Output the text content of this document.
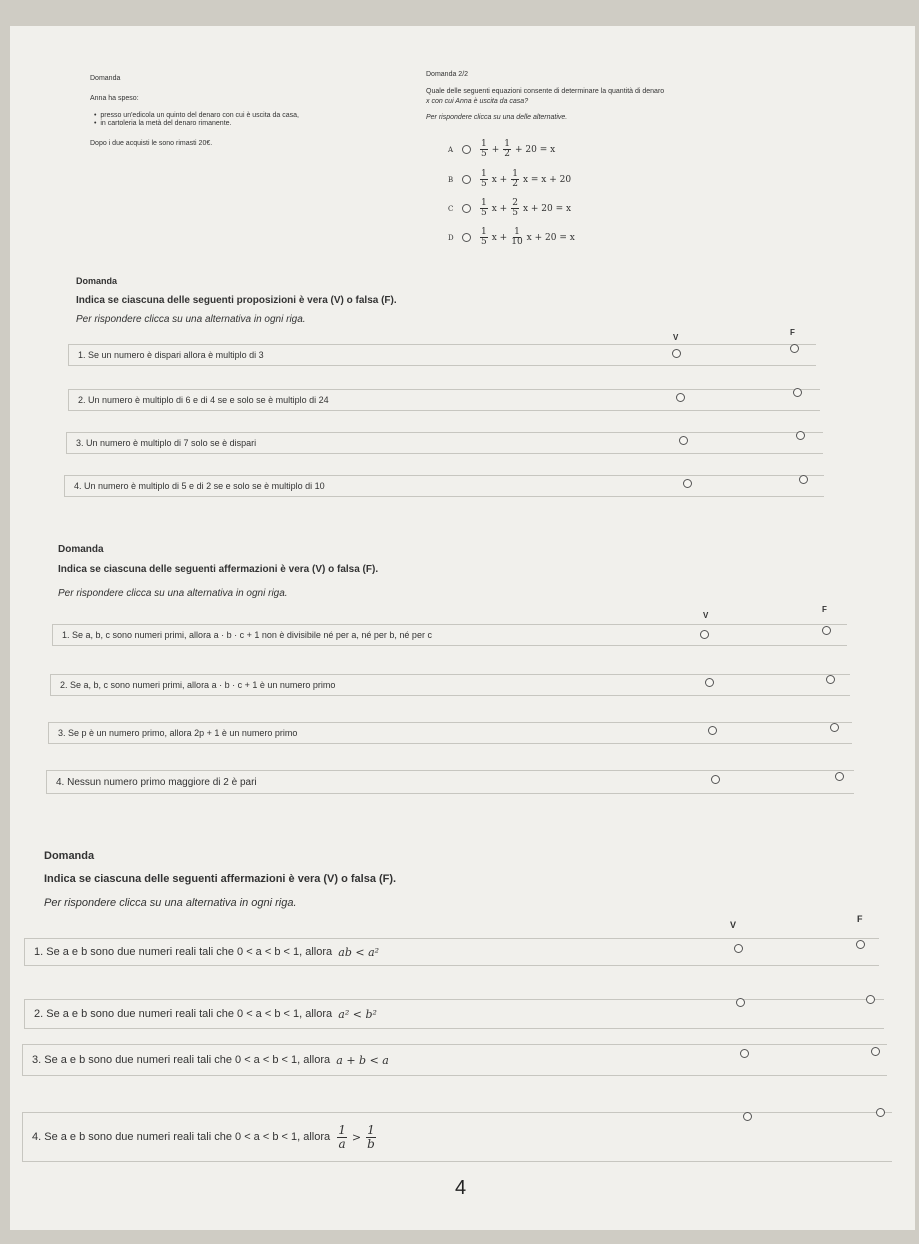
Domanda
Anna ha speso:
•  presso un'edicola un quinto del denaro con cui è uscita da casa,
•  in cartoleria la metà del denaro rimanente.
Dopo i due acquisti le sono rimasti 20€.
Domanda 2/2
Quale delle seguenti equazioni consente di determinare la quantità di denaro
x con cui Anna è uscita da casa?
Per rispondere clicca su una delle alternative.
A	$\frac{1}{5} + \frac{1}{2} + 20 = x$
B	$\frac{1}{5}$ $x + \frac{1}{2}$ x = x + 20
C	$\frac{1}{5}$ $x + \frac{2}{5}$ x + 20 = x
D	$\frac{1}{5}$ $x + \frac{1}{10}$ x + 20 = x
Domanda
Indica se ciascuna delle seguenti proposizioni è vera (V) o falsa (F).
Per rispondere clicca su una alternativa in ogni riga.
V
F
1. Se un numero è dispari allora è multiplo di 3
2. Un numero è multiplo di 6 e di 4 se e solo se è multiplo di 24
3. Un numero è multiplo di 7 solo se è dispari
4. Un numero è multiplo di 5 e di 2 se e solo se è multiplo di 10
Domanda
Indica se ciascuna delle seguenti affermazioni è vera (V) o falsa (F).
Per rispondere clicca su una alternativa in ogni riga.
V
F
1. Se a, b, c sono numeri primi, allora a · b · c + 1 non è divisibile né per a, né per b, né per c
2. Se a, b, c sono numeri primi, allora a · b · c + 1 è un numero primo
3. Se p è un numero primo, allora 2p + 1 è un numero primo
4. Nessun numero primo maggiore di 2 è pari
Domanda
Indica se ciascuna delle seguenti affermazioni è vera (V) o falsa (F).
Per rispondere clicca su una alternativa in ogni riga.
V
F
1.
Se a e b sono due numeri reali tali che 0 < a < b < 1, allora
ab < a²
2.
Se a e b sono due numeri reali tali che 0 < a < b < 1, allora
a² < b²
3.
Se a e b sono due numeri reali tali che 0 < a < b < 1, allora
a + b < a
4.
Se a e b sono due numeri reali tali che 0 < a < b < 1, allora
$\frac{1}{a} > \frac{1}{b}$
4
